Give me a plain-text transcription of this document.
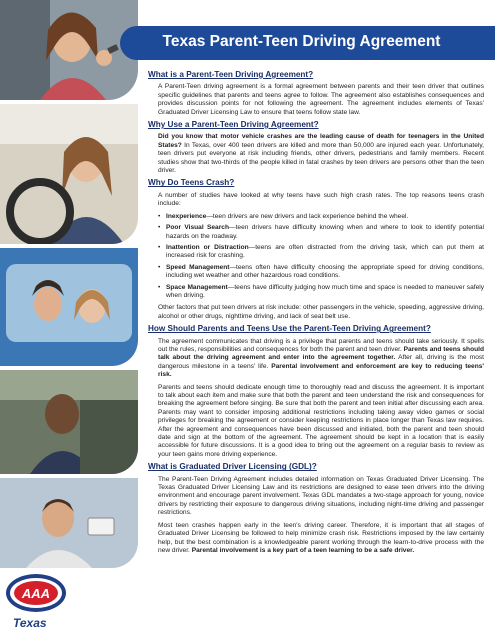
AAA
Texas
Texas Parent-Teen Driving Agreement
What is a Parent-Teen Driving Agreement?

A Parent-Teen driving agreement is a formal agreement between parents and their teen driver that outlines specific guidelines that parents and teens agree to follow. The agreement also establishes consequences and provides discussion points for not following the agreement. The agreement includes elements of Texas' Graduated Driver Licensing Law to ensure that teens follow state law.

Why Use a Parent-Teen Driving Agreement?

Did you know that motor vehicle crashes are the leading cause of death for teenagers in the United States? In Texas, over 400 teen drivers are killed and more than 50,000 are injured each year. Unfortunately, teen drivers put everyone at risk including friends, other drivers, pedestrians and family members. Recent studies show that two-thirds of the people killed in fatal crashes by teen drivers are persons other than the teen driver.

Why Do Teens Crash?

A number of studies have looked at why teens have such high crash rates. The top reasons teens crash include:

• Inexperience—teen drivers are new drivers and lack experience behind the wheel.
• Poor Visual Search—teen drivers have difficulty knowing when and where to look to identify potential hazards on the roadway.
• Inattention or Distraction—teens are often distracted from the driving task, which can put them at increased risk for crashing.
• Speed Management—teens often have difficulty choosing the appropriate speed for driving conditions, including wet weather and other hazardous road conditions.
• Space Management—teens have difficulty judging how much time and space is needed to maneuver safely when driving.

Other factors that put teen drivers at risk include: other passengers in the vehicle, speeding, aggressive driving, alcohol or other drugs, nighttime driving, and lack of seat belt use.

How Should Parents and Teens Use the Parent-Teen Driving Agreement?

The agreement communicates that driving is a privilege that parents and teens should take seriously. It spells out the rules, responsibilities and consequences for both the parent and teen driver. Parents and teens should talk about the driving agreement and enter into the agreement together. After all, driving is the most dangerous milestone in a teens' life. Parental involvement and enforcement are key to reducing teens' risk.

Parents and teens should dedicate enough time to thoroughly read and discuss the agreement. It is important to talk about each item and make sure that both the parent and teen understand the risk and consequences for breaking the agreement before singing. Be sure that both the parent and teen initial after discussing each area. Parents may want to consider imposing additional restrictions including taking away video games or social privileges for breaking the agreement or consider keeping restrictions in place longer than Texas law requires. After the agreement and consequences have been discussed and initialed, both the parent and teen should date and sign at the bottom of the agreement. The agreement should be kept in a location that is easily accessible for future discussions. It is a good idea to bring out the agreement on a regular basis to review as your teen gains more driving experience.

What is Graduated Driver Licensing (GDL)?

The Parent-Teen Driving Agreement includes detailed information on Texas Graduated Driver Licensing. The Texas Graduated Driver Licensing Law and its restrictions are designed to ease teen drivers into the driving environment and encourage parent involvement. Texas GDL mandates a two-stage approach for young, novice drivers by restricting their exposure to dangerous driving situations, including night-time driving and passenger restrictions.

Most teen crashes happen early in the teen's driving career. Therefore, it is important that all stages of Graduated Driver Licensing be followed to help minimize crash risk. Restrictions imposed by the law certainly help, but the best combination is a knowledgeable parent working through the learn-to-drive process with the new driver. Parental involvement is a key part of a teen learning to be a safe driver.
